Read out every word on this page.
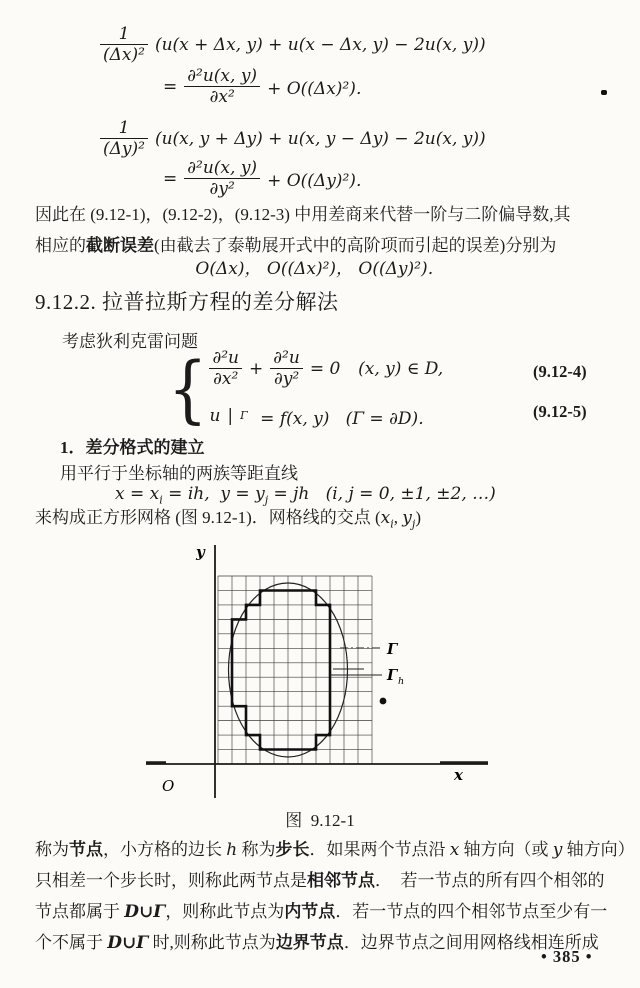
$\frac{1}{\text{(Δx)²}} (u(x + \Delta x$, y) + u(x − Δx, y) − 2u(x, y))
= $\frac{\text{∂²u(x, y)}}{\text{∂x²}} + O((\Delta x)^2)$．
$\frac{1}{\text{(Δy)²}} (u(x$, y + Δy) + u(x, y − Δy) − 2u(x, y))
= $\frac{\text{∂²u(x, y)}}{\text{∂y²}} + O((\Delta y)^2)$．
因此在 (9.12-1)，(9.12-2)，(9.12-3) 中用差商来代替一阶与二阶偏导数,其
相应的截断误差(由截去了泰勒展开式中的高阶项而引起的误差)分别为
O(Δx)， O((Δx)²)， O((Δy)²)．
9.12.2. 拉普拉斯方程的差分解法
考虑狄利克雷问题
{ $\frac{\text{∂²u}}{\text{∂x²}} + \frac{\text{∂²u}}{\text{∂y²}} = 0$ (x, y) ∈ D,
u | Γ = f(x, y)   (Γ = ∂D)．
(9.12-4)
(9.12-5)
1．差分格式的建立
用平行于坐标轴的两族等距直线
$x = x_i$ = ih,  $y = y_j$ = jh   (i, j = 0, ±1, ±2, …)
来构成正方形网格 (图 9.12-1)．网格线的交点 ($x_i$, $y_j$)
y
x
O
Γ
Γ h
图  9.12-1
称为节点，小方格的边长 h 称为步长．如果两个节点沿 x 轴方向（或 y 轴方向）
只相差一个步长时，则称此两节点是相邻节点．  若一节点的所有四个相邻的
节点都属于 D∪Γ，则称此节点为内节点．若一节点的四个相邻节点至少有一
个不属于 D∪Γ 时,则称此节点为边界节点．边界节点之间用网格线相连所成
• 385 •
